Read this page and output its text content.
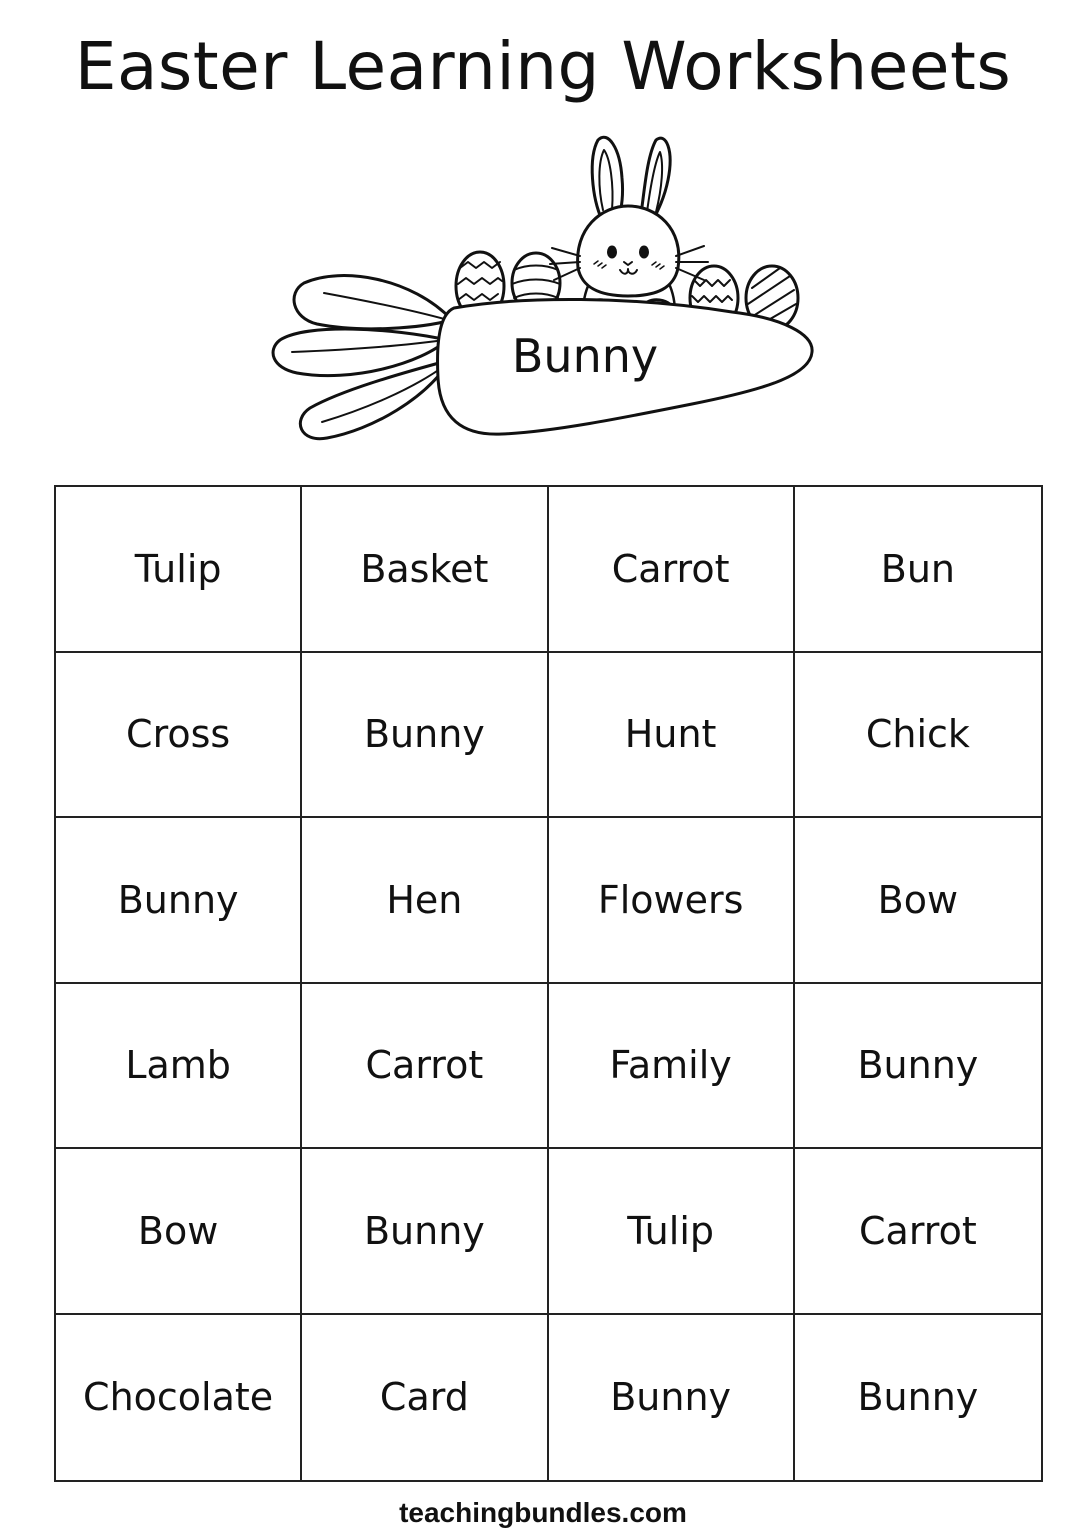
Easter Learning Worksheets
Bunny
Tulip	Basket	Carrot	Bun
Cross	Bunny	Hunt	Chick
Bunny	Hen	Flowers	Bow
Lamb	Carrot	Family	Bunny
Bow	Bunny	Tulip	Carrot
Chocolate	Card	Bunny	Bunny
teachingbundles.com
